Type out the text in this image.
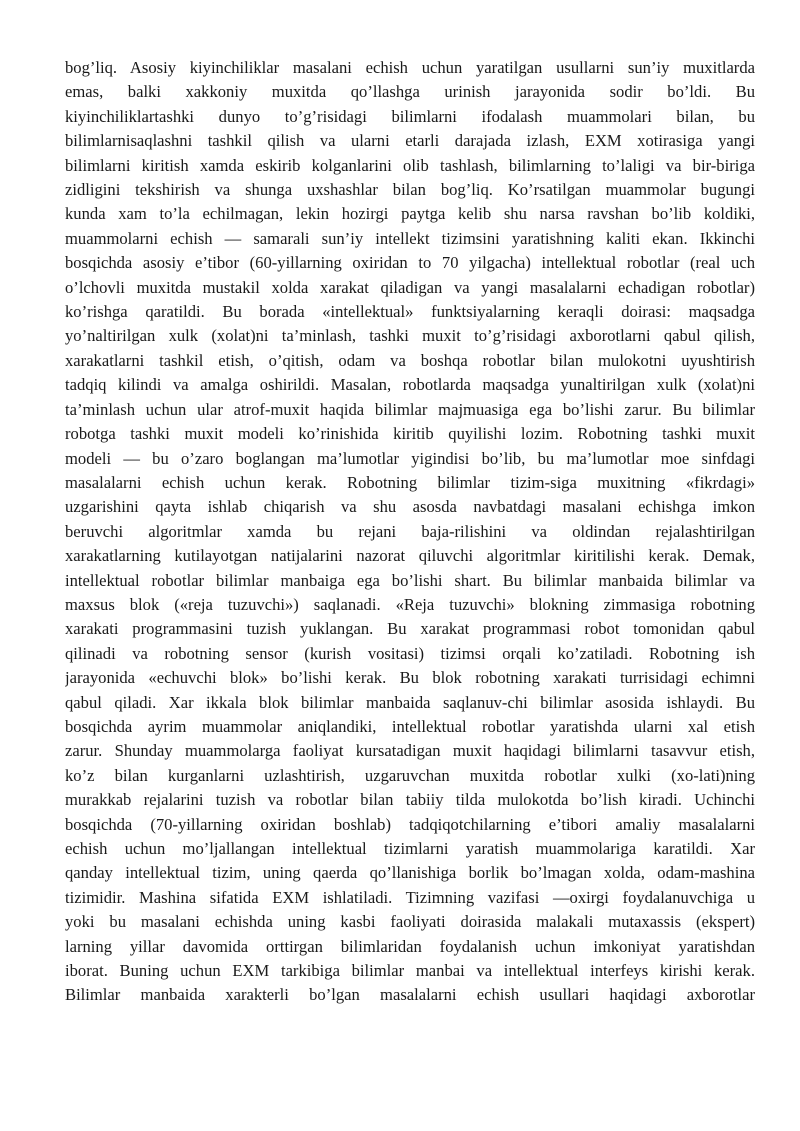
bog’liq. Asosiy kiyinchiliklar masalani echish uchun yaratilgan usullarni sun’iy muxitlarda
emas, balki xakkoniy muxitda qo’llashga urinish jarayonida sodir bo’ldi. Bu
kiyinchiliklartashki dunyo to’g’risidagi bilimlarni ifodalash muammolari bilan, bu
bilimlarnisaqlashni tashkil qilish va ularni etarli darajada izlash, EXM xotirasiga yangi
bilimlarni kiritish xamda eskirib kolganlarini olib tashlash, bilimlarning to’laligi va bir-biriga
zidligini tekshirish va shunga uxshashlar bilan bog’liq. Ko’rsatilgan muammolar bugungi
kunda xam to’la echilmagan, lekin hozirgi paytga kelib shu narsa ravshan bo’lib koldiki,
muammolarni echish — samarali sun’iy intellekt tizimsini yaratishning kaliti ekan. Ikkinchi
bosqichda asosiy e’tibor (60-yillarning oxiridan to 70 yilgacha) intellektual robotlar (real uch
o’lchovli muxitda mustakil xolda xarakat qiladigan va yangi masalalarni echadigan robotlar)
ko’rishga qaratildi. Bu borada «intellektual» funktsiyalarning keraqli doirasi: maqsadga
yo’naltirilgan xulk (xolat)ni ta’minlash, tashki muxit to’g’risidagi axborotlarni qabul qilish,
xarakatlarni tashkil etish, o’qitish, odam va boshqa robotlar bilan mulokotni uyushtirish
tadqiq kilindi va amalga oshirildi. Masalan, robotlarda maqsadga yunaltirilgan xulk (xolat)ni
ta’minlash uchun ular atrof-muxit haqida bilimlar majmuasiga ega bo’lishi zarur. Bu bilimlar
robotga tashki muxit modeli ko’rinishida kiritib quyilishi lozim. Robotning tashki muxit
modeli — bu o’zaro boglangan ma’lumotlar yigindisi bo’lib, bu ma’lumotlar moe sinfdagi
masalalarni echish uchun kerak. Robotning bilimlar tizim-siga muxitning «fikrdagi»
uzgarishini qayta ishlab chiqarish va shu asosda navbatdagi masalani echishga imkon
beruvchi algoritmlar xamda bu rejani baja-rilishini va oldindan rejalashtirilgan
xarakatlarning kutilayotgan natijalarini nazorat qiluvchi algoritmlar kiritilishi kerak. Demak,
intellektual robotlar bilimlar manbaiga ega bo’lishi shart. Bu bilimlar manbaida bilimlar va
maxsus blok («reja tuzuvchi») saqlanadi. «Reja tuzuvchi» blokning zimmasiga robotning
xarakati programmasini tuzish yuklangan. Bu xarakat programmasi robot tomonidan qabul
qilinadi va robotning sensor (kurish vositasi) tizimsi orqali ko’zatiladi. Robotning ish
jarayonida «echuvchi blok» bo’lishi kerak. Bu blok robotning xarakati turrisidagi echimni
qabul qiladi. Xar ikkala blok bilimlar manbaida saqlanuv-chi bilimlar asosida ishlaydi. Bu
bosqichda ayrim muammolar aniqlandiki, intellektual robotlar yaratishda ularni xal etish
zarur. Shunday muammolarga faoliyat kursatadigan muxit haqidagi bilimlarni tasavvur etish,
ko’z bilan kurganlarni uzlashtirish, uzgaruvchan muxitda robotlar xulki (xo-lati)ning
murakkab rejalarini tuzish va robotlar bilan tabiiy tilda mulokotda bo’lish kiradi. Uchinchi
bosqichda (70-yillarning oxiridan boshlab) tadqiqotchilarning e’tibori amaliy masalalarni
echish uchun mo’ljallangan intellektual tizimlarni yaratish muammolariga karatildi. Xar
qanday intellektual tizim, uning qaerda qo’llanishiga borlik bo’lmagan xolda, odam-mashina
tizimidir. Mashina sifatida EXM ishlatiladi. Tizimning vazifasi —oxirgi foydalanuvchiga u
yoki bu masalani echishda uning kasbi faoliyati doirasida malakali mutaxassis (ekspert)
larning yillar davomida orttirgan bilimlaridan foydalanish uchun imkoniyat yaratishdan
iborat. Buning uchun EXM tarkibiga bilimlar manbai va intellektual interfeys kirishi kerak.
Bilimlar manbaida xarakterli bo’lgan masalalarni echish usullari haqidagi axborotlar
